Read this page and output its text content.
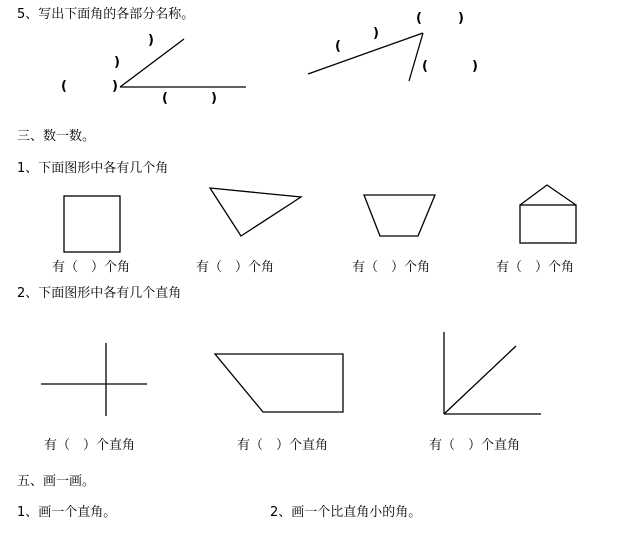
5、写出下面角的各部分名称。
(	)
)
)
(	)
(
)
(	)
(	)
三、数一数。
1、下面图形中各有几个角
有（　）个角	有（　）个角	有（　）个角	有（　）个角
2、下面图形中各有几个直角
有（　）个直角	有（　）个直角	有（　）个直角
五、画一画。
1、画一个直角。	2、画一个比直角小的角。
